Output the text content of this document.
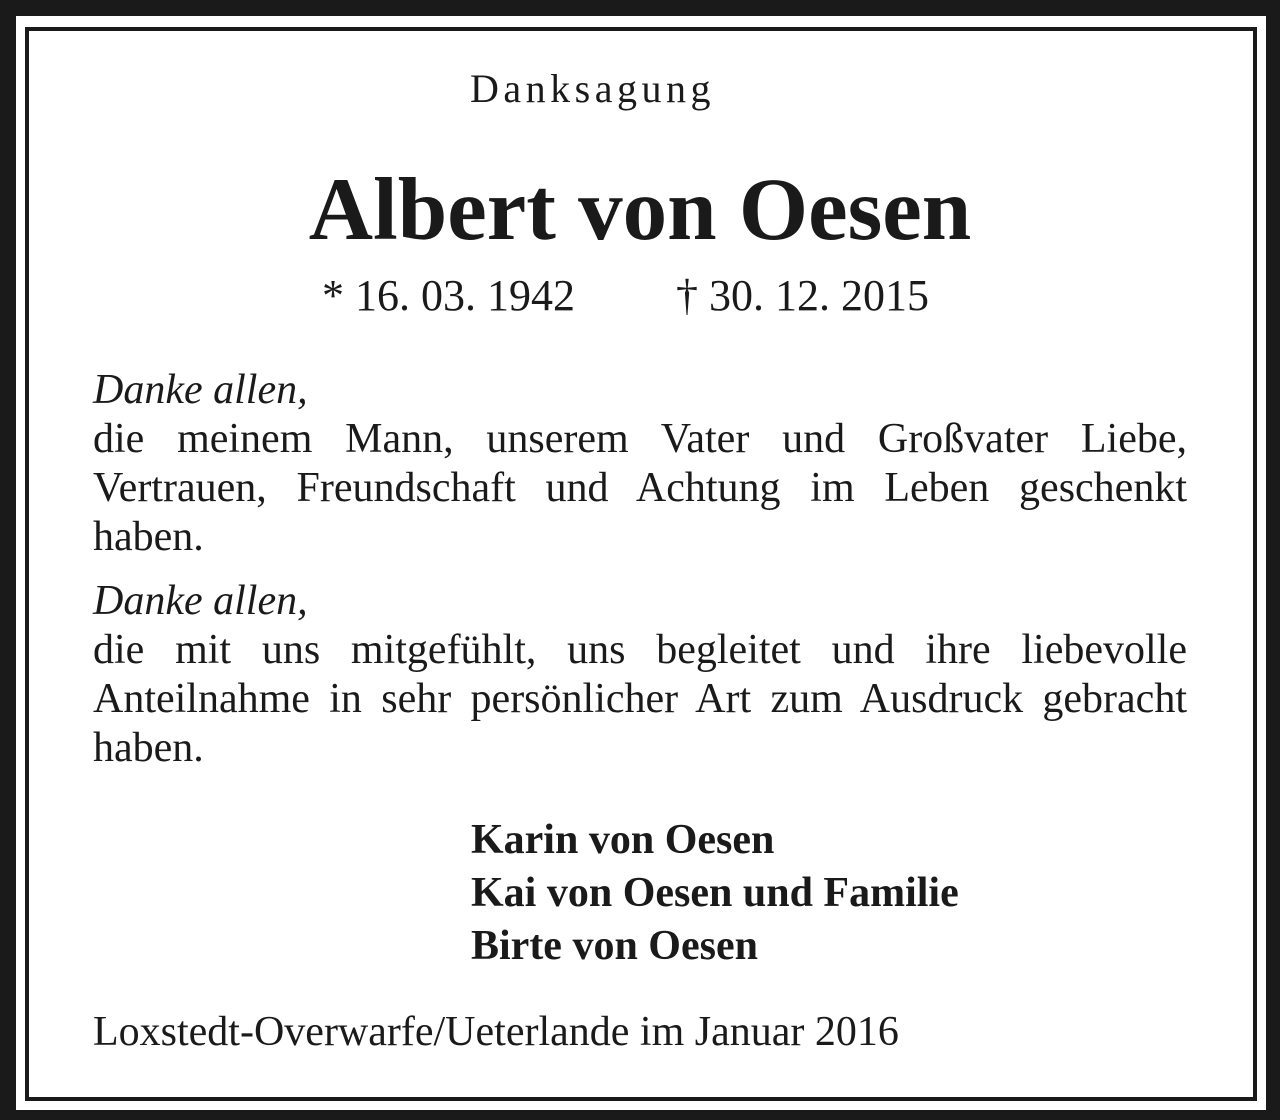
Danksagung
Albert von Oesen
* 16. 03. 1942 † 30. 12. 2015

Danke allen,
die meinem Mann, unserem Vater und Großvater Liebe, Vertrauen, Freundschaft und Achtung im Leben geschenkt haben.

Danke allen,
die mit uns mitgefühlt, uns begleitet und ihre liebevolle Anteilnahme in sehr persönlicher Art zum Ausdruck gebracht haben.

Karin von Oesen
Kai von Oesen und Familie
Birte von Oesen
Loxstedt-Overwarfe/Ueterlande im Januar 2016
